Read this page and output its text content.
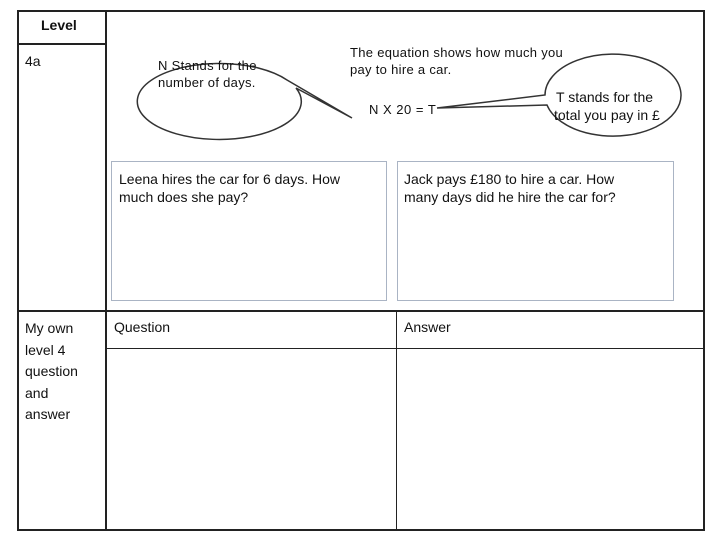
Level
4a
My own
level 4
question
and
answer
N Stands for the
number of days.
The equation shows how much you
pay to hire a car.
N X 20 = T
T stands for the
total you pay in £
Leena hires the car for 6 days. How
much does she pay?
Jack pays £180 to hire a car. How
many days did he hire the car for?
Question	Answer
